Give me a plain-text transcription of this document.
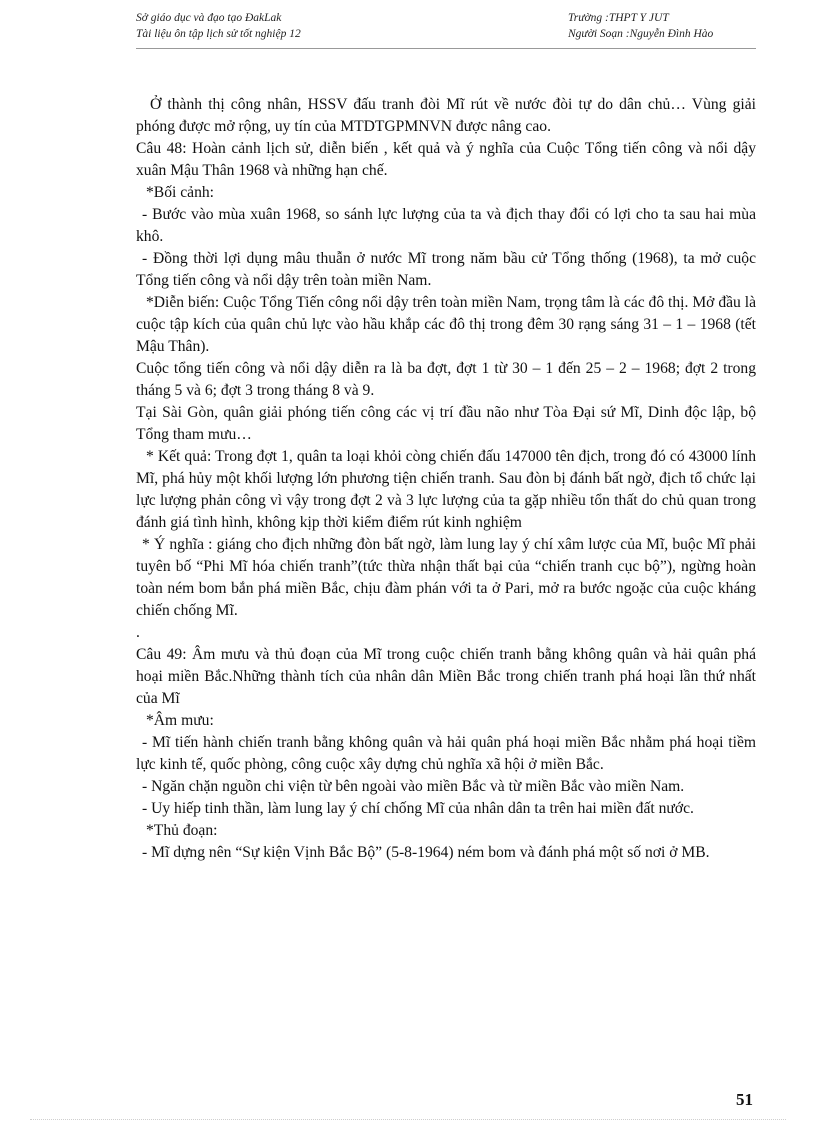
Sở giáo dục và đạo tạo ĐakLak
Tài liệu ôn tập lịch sử tốt nghiệp 12
Trường :THPT Y JUT
Người Soạn :Nguyễn Đình Hào

Ở thành thị công nhân, HSSV đấu tranh đòi Mĩ rút về nước đòi tự do dân chủ… Vùng giải phóng được mở rộng, uy tín của MTDTGPMNVN được nâng cao.

Câu 48: Hoàn cảnh lịch sử, diễn biến , kết quả và ý nghĩa của Cuộc Tổng tiến công và nổi dậy xuân Mậu Thân 1968 và những hạn chế.

*Bối cảnh:

- Bước vào mùa xuân 1968, so sánh lực lượng của ta và địch thay đổi có lợi cho ta sau hai mùa khô.

- Đồng thời lợi dụng mâu thuẫn ở nước Mĩ trong năm bầu cử Tổng thống (1968), ta mở cuộc Tổng tiến công và nổi dậy trên toàn miền Nam.

*Diễn biến: Cuộc Tổng Tiến công nổi dậy trên toàn miền Nam, trọng tâm là các đô thị. Mở đầu là cuộc tập kích của quân chủ lực vào hầu khắp các đô thị trong đêm 30 rạng sáng 31 – 1 – 1968 (tết Mậu Thân).

Cuộc tổng tiến công và nổi dậy diễn ra là ba đợt, đợt 1 từ 30 – 1 đến 25 – 2 – 1968; đợt 2 trong tháng 5 và 6; đợt 3 trong tháng 8 và 9.

Tại Sài Gòn, quân giải phóng tiến công các vị trí đầu não như Tòa Đại sứ Mĩ, Dinh độc lập, bộ Tổng tham mưu…

* Kết quả: Trong đợt 1, quân ta loại khỏi còng chiến đấu 147000 tên địch, trong đó có 43000 lính Mĩ, phá hủy một khối lượng lớn phương tiện chiến tranh. Sau đòn bị đánh bất ngờ, địch tổ chức lại lực lượng phản công vì vậy trong đợt 2 và 3 lực lượng của ta gặp nhiều tổn thất do chủ quan trong đánh giá tình hình, không kịp thời kiểm điểm rút kinh nghiệm

* Ý nghĩa : giáng cho địch những đòn bất ngờ, làm lung lay ý chí xâm lược của Mĩ, buộc Mĩ phải tuyên bố “Phi Mĩ hóa chiến tranh”(tức thừa nhận thất bại của “chiến tranh cục bộ”), ngừng hoàn toàn ném bom bắn phá miền Bắc, chịu đàm phán với ta ở Pari, mở ra bước ngoặc của cuộc kháng chiến chống Mĩ.

.

Câu 49: Âm mưu và thủ đoạn của Mĩ trong cuộc chiến tranh bằng không quân và hải quân phá hoại miền Bắc.Những thành tích của nhân dân Miền Bắc trong chiến tranh phá hoại lần thứ nhất của Mĩ

*Âm mưu:

- Mĩ tiến hành chiến tranh bằng không quân và hải quân phá hoại miền Bắc nhằm phá hoại tiềm lực kinh tế, quốc phòng, công cuộc xây dựng chủ nghĩa xã hội ở miền Bắc.

- Ngăn chặn nguồn chi viện từ bên ngoài vào miền Bắc và từ miền Bắc vào miền Nam.

- Uy hiếp tinh thần, làm lung lay ý chí chống Mĩ của nhân dân ta trên hai miền đất nước.

*Thủ đoạn:

- Mĩ dựng nên “Sự kiện Vịnh Bắc Bộ” (5-8-1964) ném bom và đánh phá một số nơi ở MB.

51
